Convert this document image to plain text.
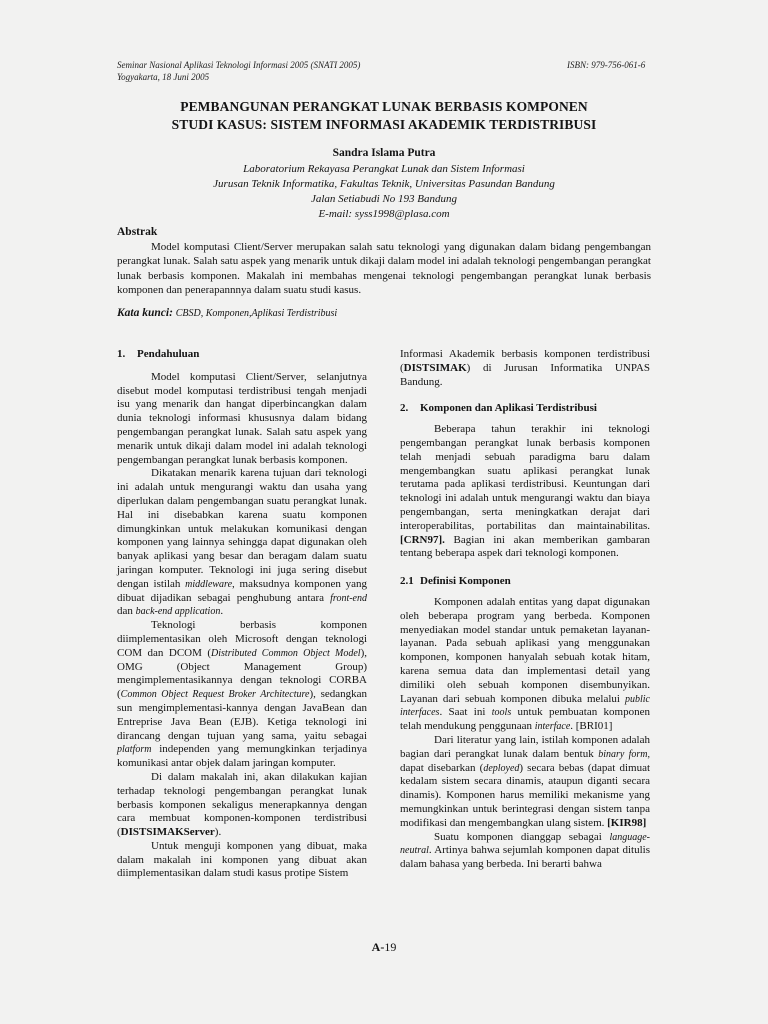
Seminar Nasional Aplikasi Teknologi Informasi 2005 (SNATI 2005)
Yogyakarta, 18 Juni 2005
ISBN: 979-756-061-6
PEMBANGUNAN PERANGKAT LUNAK BERBASIS KOMPONEN
STUDI KASUS: SISTEM INFORMASI AKADEMIK TERDISTRIBUSI
Sandra Islama Putra
Laboratorium Rekayasa Perangkat Lunak dan Sistem Informasi
Jurusan Teknik Informatika, Fakultas Teknik, Universitas Pasundan Bandung
Jalan Setiabudi No 193 Bandung
E-mail: syss1998@plasa.com
Abstrak

Model komputasi Client/Server merupakan salah satu teknologi yang digunakan dalam bidang pengembangan perangkat lunak. Salah satu aspek yang menarik untuk dikaji dalam model ini adalah teknologi pengembangan perangkat lunak berbasis komponen. Makalah ini membahas mengenai teknologi pengembangan perangkat lunak berbasis komponen dan penerapannnya dalam suatu studi kasus.

Kata kunci: CBSD, Komponen,Aplikasi Terdistribusi
1. Pendahuluan

Model komputasi Client/Server, selanjutnya disebut model komputasi terdistribusi tengah menjadi isu yang menarik dan hangat diperbincangkan dalam dunia teknologi informasi khususnya dalam bidang pengembangan perangkat lunak. Salah satu aspek yang menarik untuk dikaji dalam model ini adalah teknologi pengembangan perangkat lunak berbasis komponen.

Dikatakan menarik karena tujuan dari teknologi ini adalah untuk mengurangi waktu dan usaha yang diperlukan dalam pengembangan suatu perangkat lunak. Hal ini disebabkan karena suatu komponen dimungkinkan untuk melakukan komunikasi dengan komponen yang lainnya sehingga dapat digunakan oleh banyak aplikasi yang besar dan beragam dalam suatu jaringan komputer. Teknologi ini juga sering disebut dengan istilah middleware, maksudnya komponen yang dibuat dijadikan sebagai penghubung antara front-end dan back-end application.

Teknologi berbasis komponen diimplementasikan oleh Microsoft dengan teknologi COM dan DCOM (Distributed Common Object Model), OMG (Object Management Group) mengimplementasikannya dengan teknologi CORBA (Common Object Request Broker Architecture), sedangkan sun mengimplementasi-kannya dengan JavaBean dan Entreprise Java Bean (EJB). Ketiga teknologi ini dirancang dengan tujuan yang sama, yaitu sebagai platform independen yang memungkinkan terjadinya komunikasi antar objek dalam jaringan komputer.

Di dalam makalah ini, akan dilakukan kajian terhadap teknologi pengembangan perangkat lunak berbasis komponen sekaligus menerapkannya dengan cara membuat komponen-komponen terdistribusi (DISTSIMAKServer).

Untuk menguji komponen yang dibuat, maka dalam makalah ini komponen yang dibuat akan diimplementasikan dalam studi kasus protipe Sistem

Informasi Akademik berbasis komponen terdistribusi (DISTSIMAK) di Jurusan Informatika UNPAS Bandung.

2. Komponen dan Aplikasi Terdistribusi

Beberapa tahun terakhir ini teknologi pengembangan perangkat lunak berbasis komponen telah menjadi sebuah paradigma baru dalam mengembangkan suatu aplikasi perangkat lunak terutama pada aplikasi terdistribusi. Keuntungan dari teknologi ini adalah untuk mengurangi waktu dan biaya pengembangan, serta meningkatkan derajat dari interoperabilitas, portabilitas dan maintainabilitas. [CRN97]. Bagian ini akan memberikan gambaran tentang beberapa aspek dari teknologi komponen.

2.1 Definisi Komponen

Komponen adalah entitas yang dapat digunakan oleh beberapa program yang berbeda. Komponen menyediakan model standar untuk pemaketan layanan-layanan. Pada sebuah aplikasi yang menggunakan komponen, komponen hanyalah sebuah kotak hitam, karena semua data dan implementasi detail yang dimiliki oleh sebuah komponen disembunyikan. Layanan dari sebuah komponen dibuka melalui public interfaces. Saat ini tools untuk pembuatan komponen telah mendukung penggunaan interface. [BRI01]

Dari literatur yang lain, istilah komponen adalah bagian dari perangkat lunak dalam bentuk binary form, dapat disebarkan (deployed) secara bebas (dapat dimuat kedalam sistem secara dinamis, ataupun diganti secara dinamis). Komponen harus memiliki mekanisme yang memungkinkan untuk berintegrasi dengan sistem tanpa modifikasi dan mengembangkan ulang sistem. [KIR98]

Suatu komponen dianggap sebagai language-neutral. Artinya bahwa sejumlah komponen dapat ditulis dalam bahasa yang berbeda. Ini berarti bahwa

A-19
